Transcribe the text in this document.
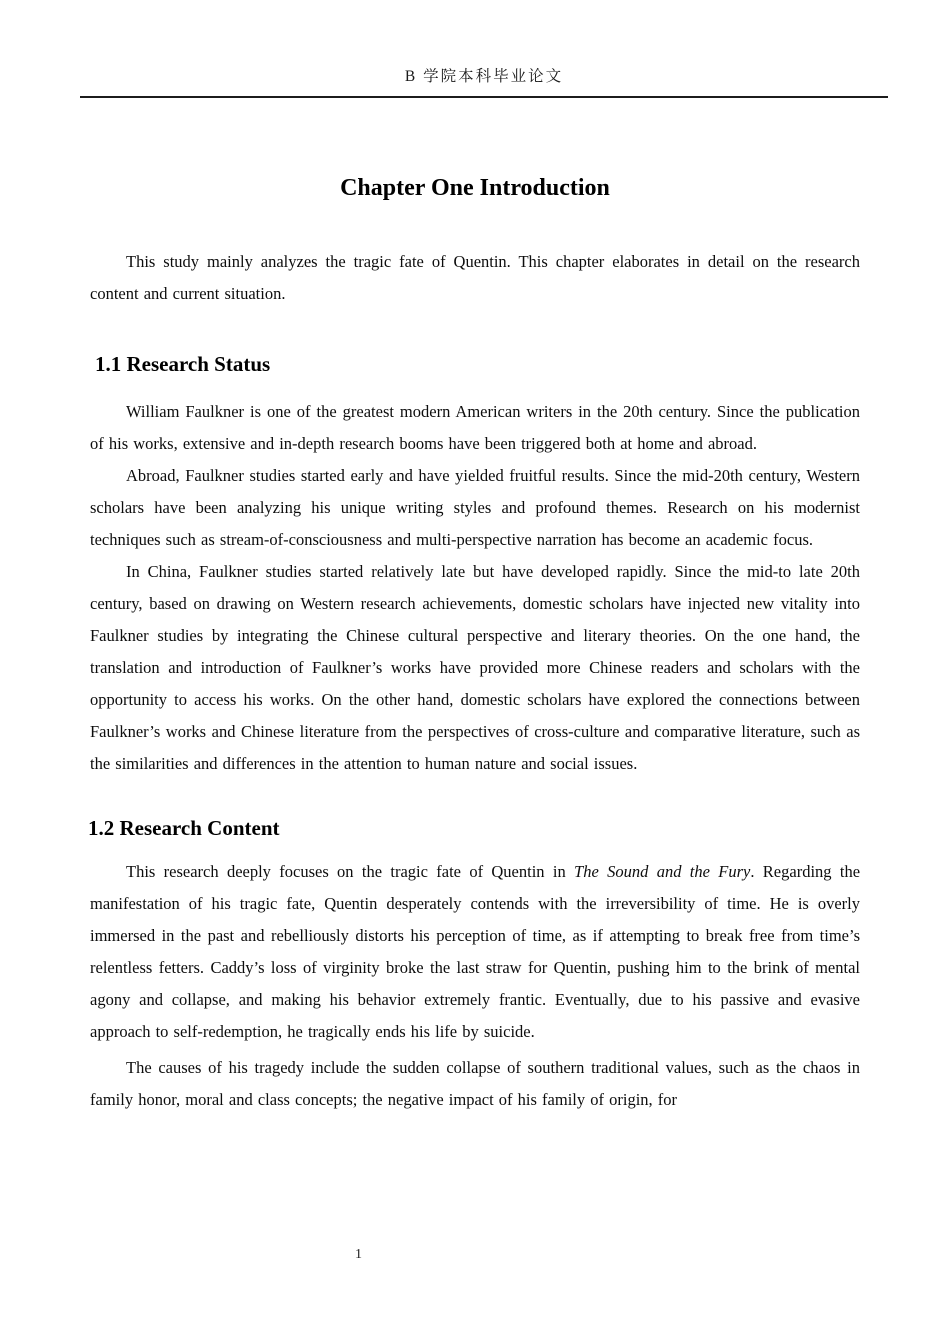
B 学院本科毕业论文
Chapter One Introduction

This study mainly analyzes the tragic fate of Quentin. This chapter elaborates in detail on the research content and current situation.

1.1 Research Status

William Faulkner is one of the greatest modern American writers in the 20th century. Since the publication of his works, extensive and in-depth research booms have been triggered both at home and abroad.

Abroad, Faulkner studies started early and have yielded fruitful results. Since the mid-20th century, Western scholars have been analyzing his unique writing styles and profound themes. Research on his modernist techniques such as stream-of-consciousness and multi-perspective narration has become an academic focus.

In China, Faulkner studies started relatively late but have developed rapidly. Since the mid-to late 20th century, based on drawing on Western research achievements, domestic scholars have injected new vitality into Faulkner studies by integrating the Chinese cultural perspective and literary theories. On the one hand, the translation and introduction of Faulkner’s works have provided more Chinese readers and scholars with the opportunity to access his works. On the other hand, domestic scholars have explored the connections between Faulkner’s works and Chinese literature from the perspectives of cross-culture and comparative literature, such as the similarities and differences in the attention to human nature and social issues.

1.2 Research Content

This research deeply focuses on the tragic fate of Quentin in The Sound and the Fury. Regarding the manifestation of his tragic fate, Quentin desperately contends with the irreversibility of time. He is overly immersed in the past and rebelliously distorts his perception of time, as if attempting to break free from time’s relentless fetters. Caddy’s loss of virginity broke the last straw for Quentin, pushing him to the brink of mental agony and collapse, and making his behavior extremely frantic. Eventually, due to his passive and evasive approach to self-redemption, he tragically ends his life by suicide.

The causes of his tragedy include the sudden collapse of southern traditional values, such as the chaos in family honor, moral and class concepts; the negative impact of his family of origin, for

1
